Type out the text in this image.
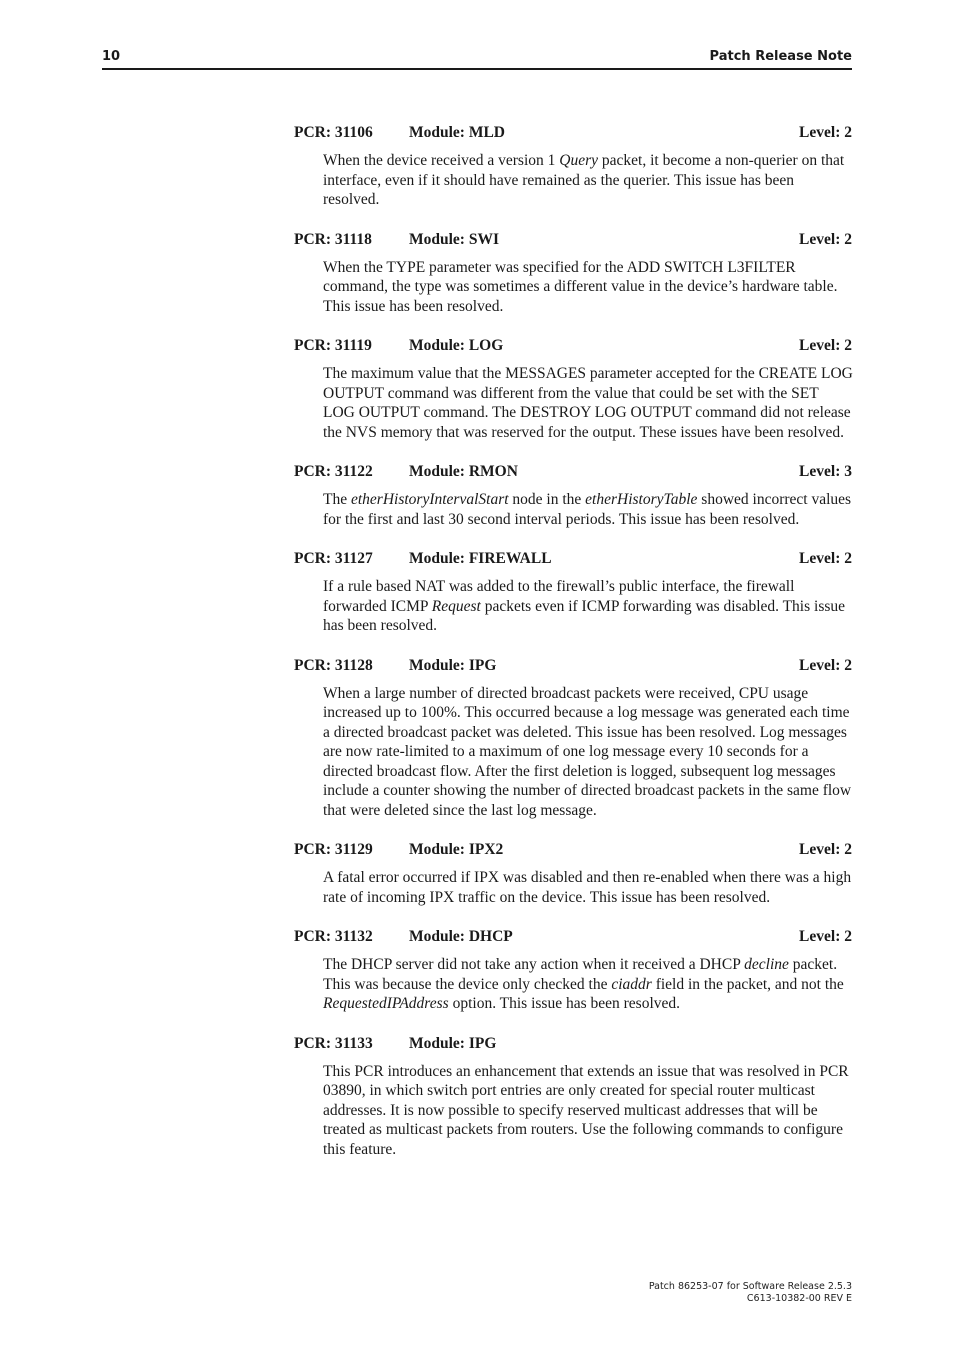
10	Patch Release Note
PCR: 31106 Module: MLD	Level: 2
When the device received a version 1 Query packet, it become a non-querier on that interface, even if it should have remained as the querier. This issue has been resolved.
PCR: 31118 Module: SWI	Level: 2
When the TYPE parameter was specified for the ADD SWITCH L3FILTER command, the type was sometimes a different value in the device’s hardware table. This issue has been resolved.
PCR: 31119 Module: LOG	Level: 2
The maximum value that the MESSAGES parameter accepted for the CREATE LOG OUTPUT command was different from the value that could be set with the SET LOG OUTPUT command. The DESTROY LOG OUTPUT command did not release the NVS memory that was reserved for the output. These issues have been resolved.
PCR: 31122 Module: RMON	Level: 3
The etherHistoryIntervalStart node in the etherHistoryTable showed incorrect values for the first and last 30 second interval periods. This issue has been resolved.
PCR: 31127 Module: FIREWALL	Level: 2
If a rule based NAT was added to the firewall’s public interface, the firewall forwarded ICMP Request packets even if ICMP forwarding was disabled. This issue has been resolved.
PCR: 31128 Module: IPG	Level: 2
When a large number of directed broadcast packets were received, CPU usage increased up to 100%. This occurred because a log message was generated each time a directed broadcast packet was deleted. This issue has been resolved. Log messages are now rate-limited to a maximum of one log message every 10 seconds for a directed broadcast flow. After the first deletion is logged, subsequent log messages include a counter showing the number of directed broadcast packets in the same flow that were deleted since the last log message.
PCR: 31129 Module: IPX2	Level: 2
A fatal error occurred if IPX was disabled and then re-enabled when there was a high rate of incoming IPX traffic on the device. This issue has been resolved.
PCR: 31132 Module: DHCP	Level: 2
The DHCP server did not take any action when it received a DHCP decline packet. This was because the device only checked the ciaddr field in the packet, and not the RequestedIPAddress option. This issue has been resolved.
PCR: 31133 Module: IPG
This PCR introduces an enhancement that extends an issue that was resolved in PCR 03890, in which switch port entries are only created for special router multicast addresses. It is now possible to specify reserved multicast addresses that will be treated as multicast packets from routers. Use the following commands to configure this feature.
Patch 86253-07 for Software Release 2.5.3
C613-10382-00 REV E
